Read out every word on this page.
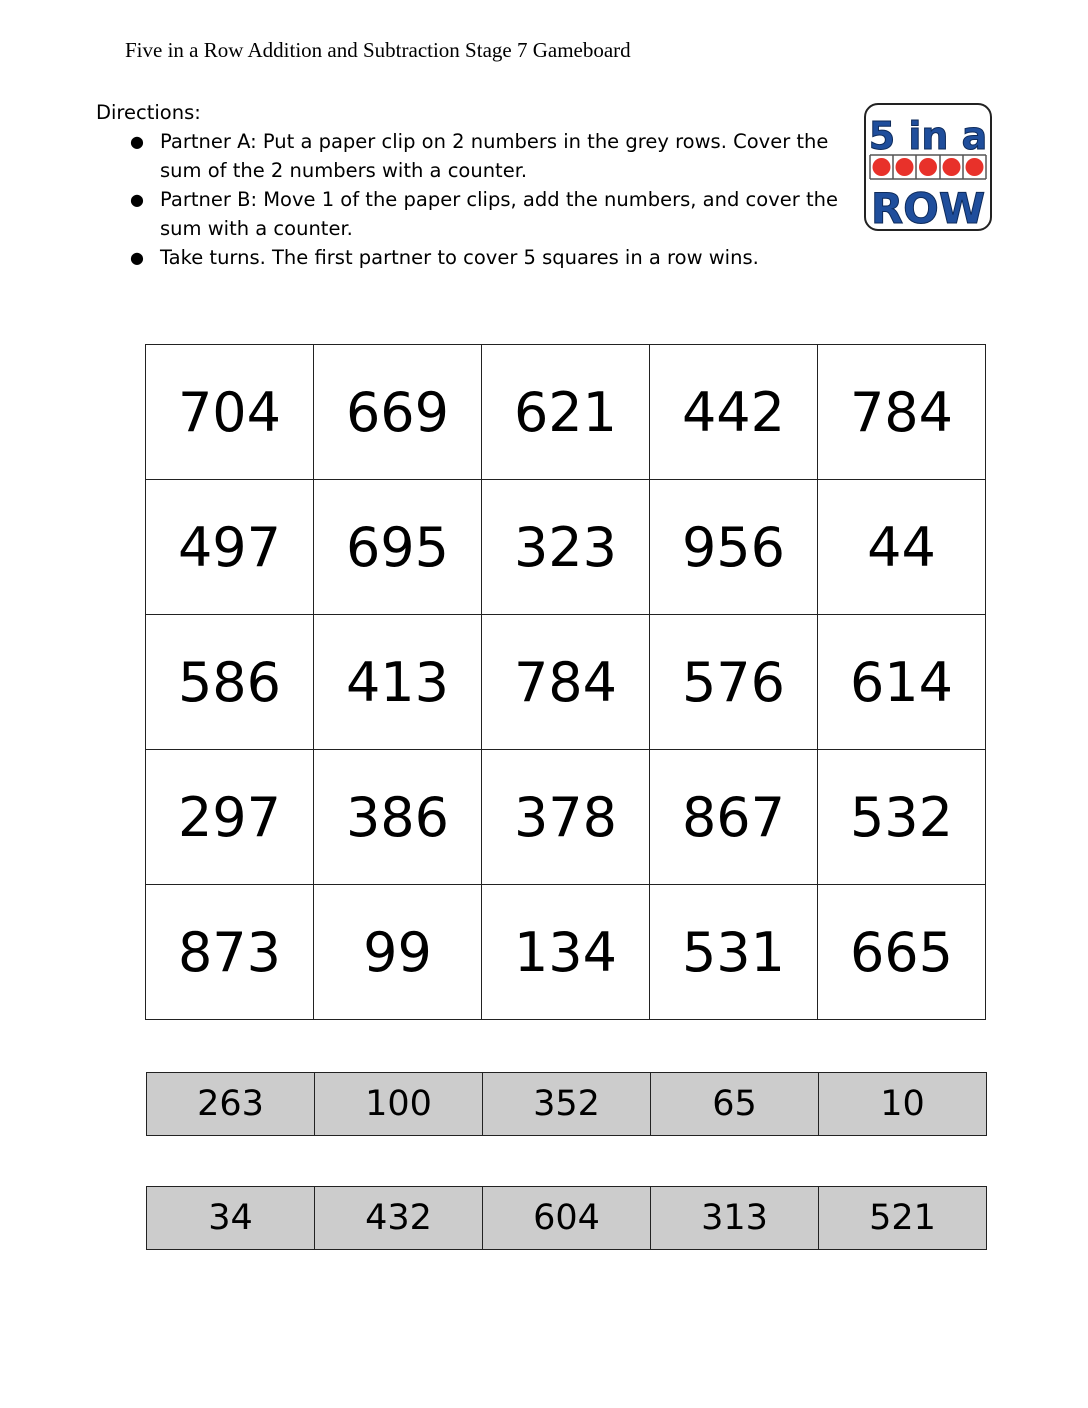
Five in a Row Addition and Subtraction Stage 7 Gameboard
Directions:
● Partner A: Put a paper clip on 2 numbers in the grey rows. Cover the sum of the 2 numbers with a counter.
● Partner B: Move 1 of the paper clips, add the numbers, and cover the sum with a counter.
● Take turns. The first partner to cover 5 squares in a row wins.
5 in a
ROW
704	669	621	442	784
497	695	323	956	44
586	413	784	576	614
297	386	378	867	532
873	99	134	531	665
263	100	352	65	10
34	432	604	313	521
